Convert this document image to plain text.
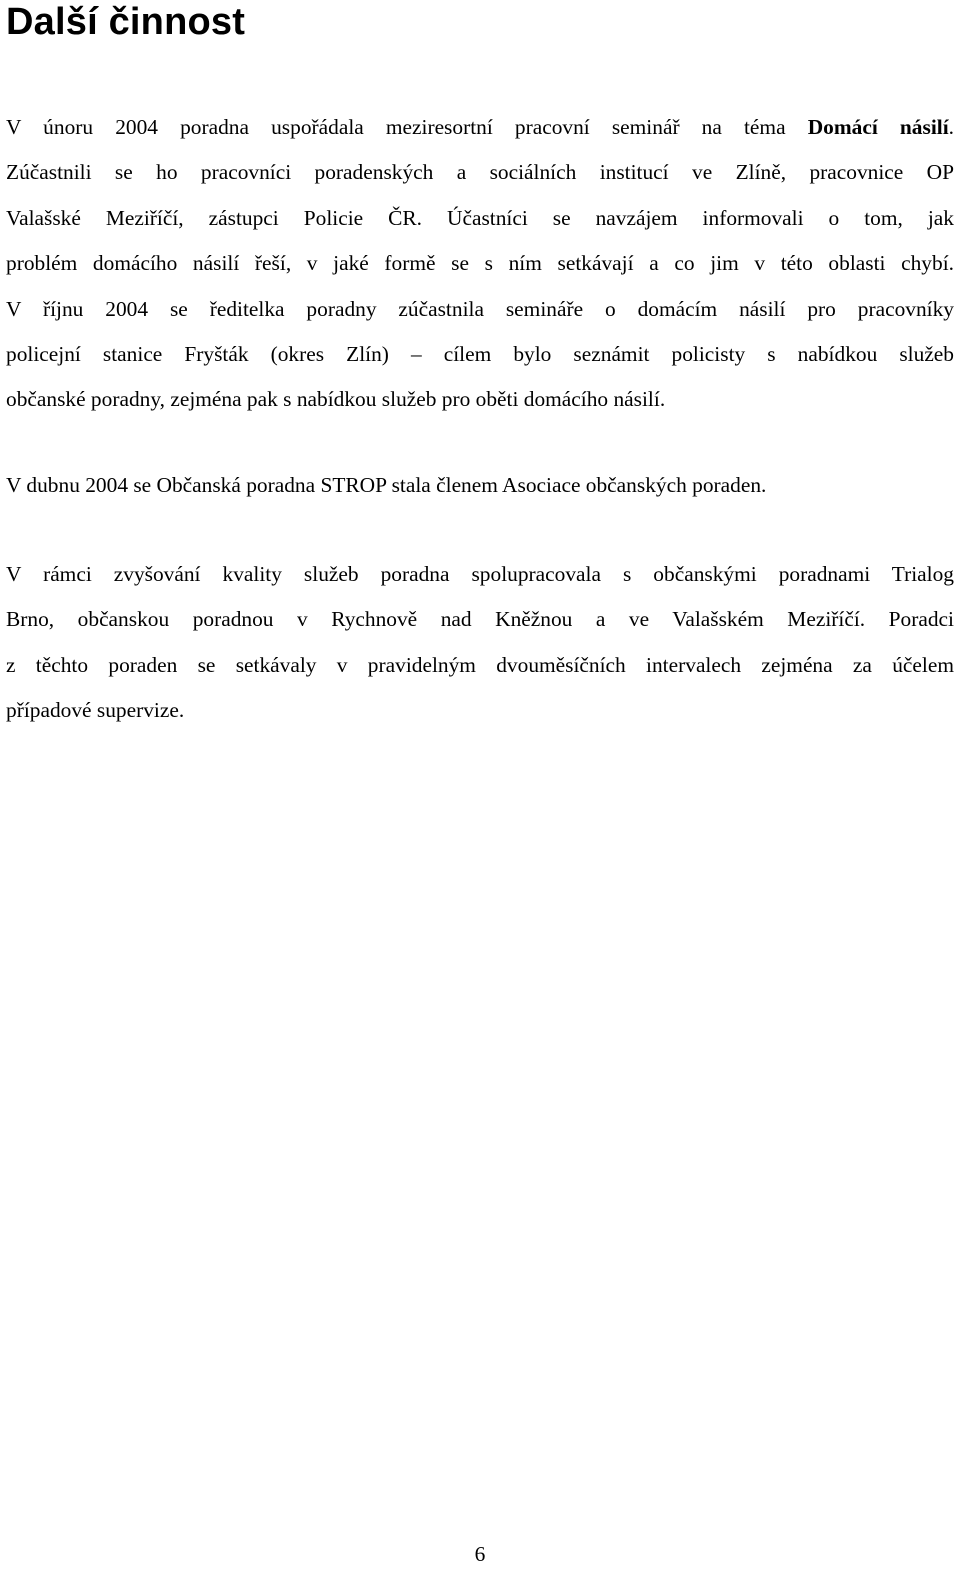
Další činnost
V únoru 2004 poradna uspořádala meziresortní pracovní seminář na téma Domácí násilí.
Zúčastnili se ho pracovníci poradenských a sociálních institucí ve Zlíně, pracovnice OP
Valašské Meziříčí, zástupci Policie ČR. Účastníci se navzájem informovali o tom, jak
problém domácího násilí řeší, v jaké formě se s ním setkávají a co jim v této oblasti chybí.
V říjnu 2004 se ředitelka poradny zúčastnila semináře o domácím násilí pro pracovníky
policejní stanice Fryšták (okres Zlín) – cílem bylo seznámit policisty s nabídkou služeb
občanské poradny, zejména pak s nabídkou služeb pro oběti domácího násilí.
V dubnu 2004 se Občanská poradna STROP stala členem Asociace občanských poraden.
V rámci zvyšování kvality služeb poradna spolupracovala s občanskými poradnami Trialog
Brno, občanskou poradnou v Rychnově nad Kněžnou a ve Valašském Meziříčí. Poradci
z těchto poraden se setkávaly v pravidelným dvouměsíčních intervalech zejména za účelem
případové supervize.
6
